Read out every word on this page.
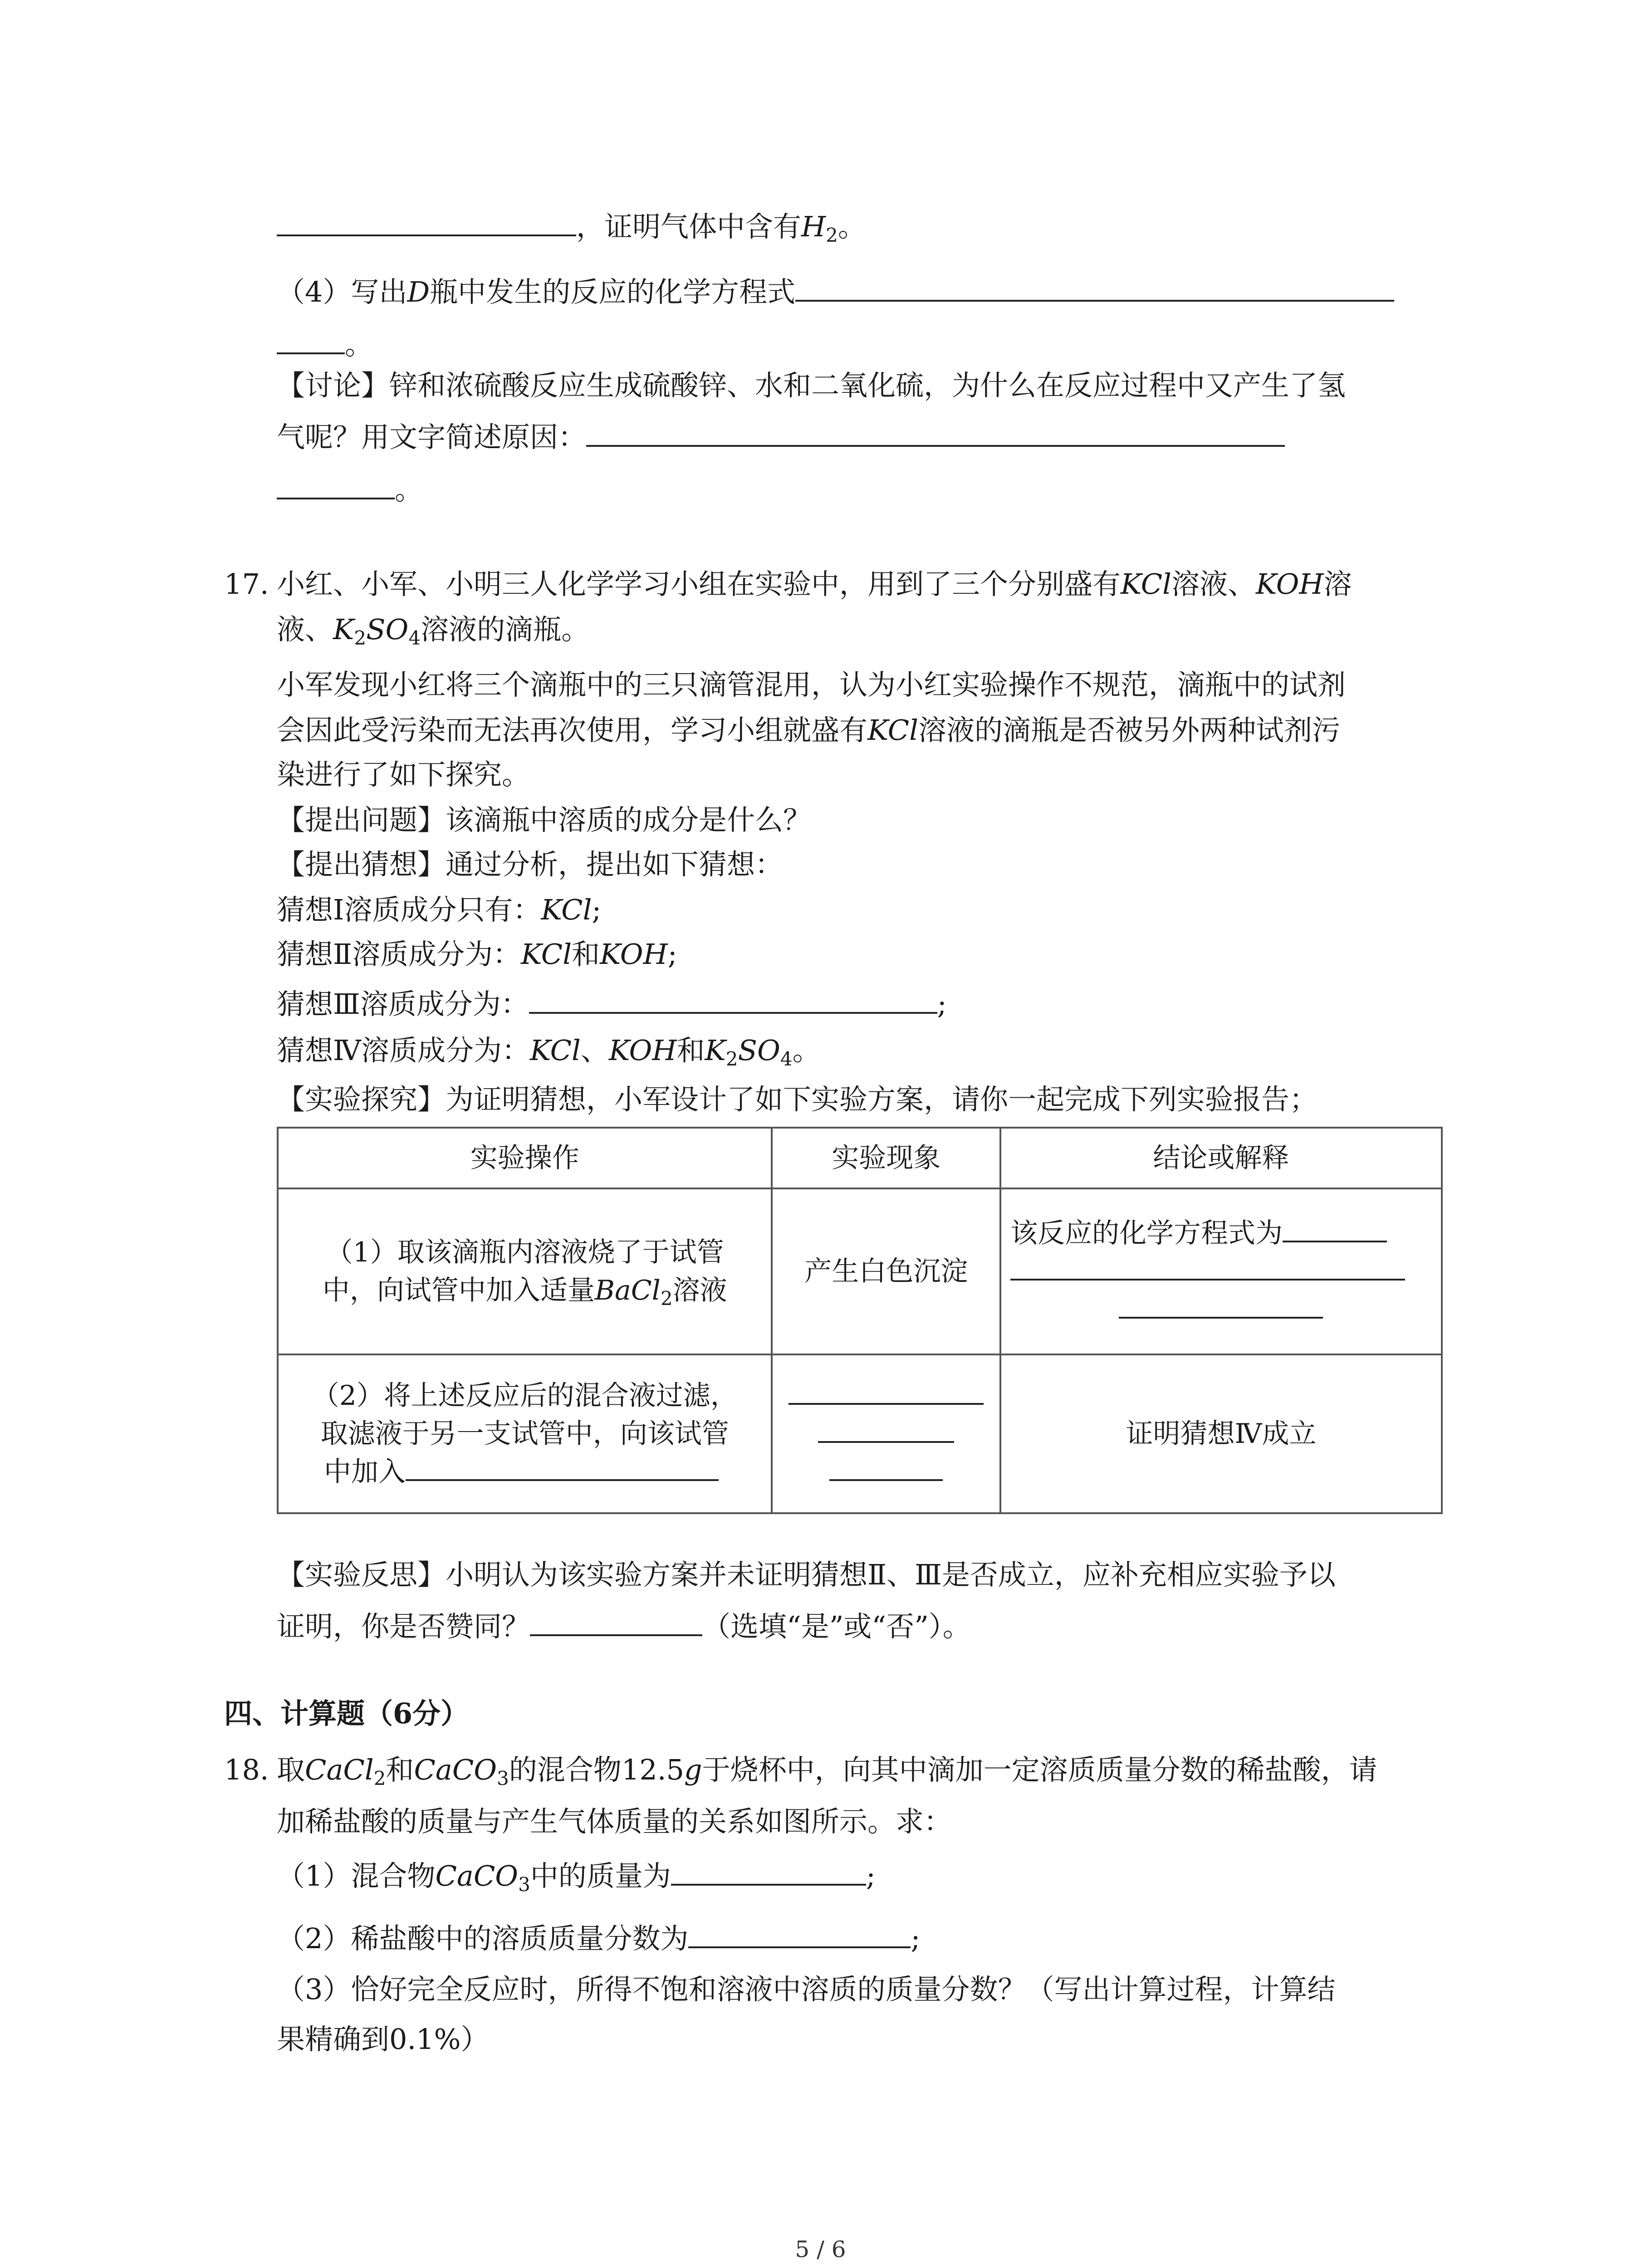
，证明气体中含有$H_2$。
（4）写出D瓶中发生的反应的化学方程式
。
【讨论】锌和浓硫酸反应生成硫酸锌、水和二氧化硫，为什么在反应过程中又产生了氢
气呢？用文字简述原因：
。
17. 小红、小军、小明三人化学学习小组在实验中，用到了三个分别盛有KCl溶液、KOH溶
液、$K_2SO_4$溶液的滴瓶。
小军发现小红将三个滴瓶中的三只滴管混用，认为小红实验操作不规范，滴瓶中的试剂
会因此受污染而无法再次使用，学习小组就盛有KCl溶液的滴瓶是否被另外两种试剂污
染进行了如下探究。
【提出问题】该滴瓶中溶质的成分是什么？
【提出猜想】通过分析，提出如下猜想：
猜想Ⅰ溶质成分只有：KCl;
猜想Ⅱ溶质成分为：KCl和KOH;
猜想Ⅲ溶质成分为：	;
猜想Ⅳ溶质成分为：KCl、KOH和$K_2SO_4$。
【实验探究】为证明猜想，小军设计了如下实验方案，请你一起完成下列实验报告；
实验操作	实验现象	结论或解释

（1）取该滴瓶内溶液烧了于试管
中，向试管中加入适量BaCl$_2$溶液	产生白色沉淀	该反应的化学方程式为

（2）将上述反应后的混合液过滤，
取滤液于另一支试管中，向该试管
中加入		证明猜想Ⅳ成立
【实验反思】小明认为该实验方案并未证明猜想Ⅱ、Ⅲ是否成立，应补充相应实验予以
证明，你是否赞同？	（选填“是”或“否”）。
四、计算题（6分）
18. 取CaCl$_2$和CaCO$_3$的混合物12.5g于烧杯中，向其中滴加一定溶质质量分数的稀盐酸，请
加稀盐酸的质量与产生气体质量的关系如图所示。求：
（1）混合物CaCO$_3$中的质量为	;
（2）稀盐酸中的溶质质量分数为	;
（3）恰好完全反应时，所得不饱和溶液中溶质的质量分数？（写出计算过程，计算结
果精确到0.1%）
5 / 6
